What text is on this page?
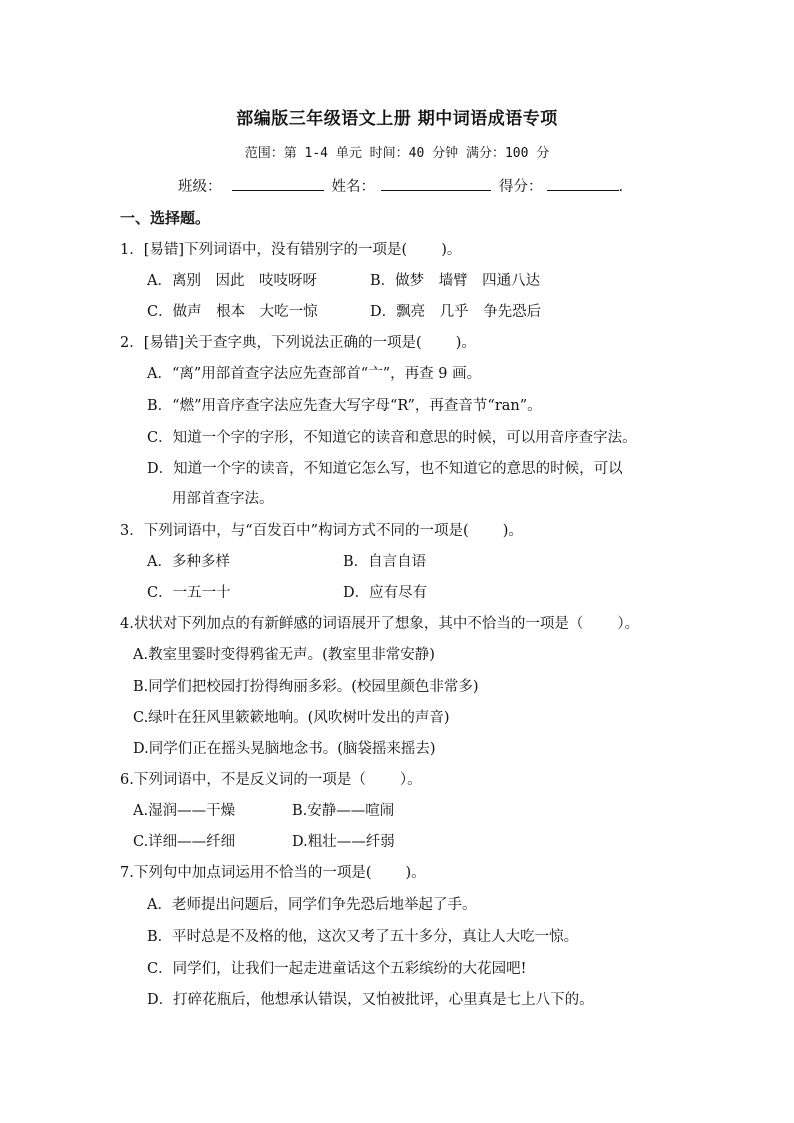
部编版三年级语文上册 期中词语成语专项
范围：第 1-4 单元 时间：40 分钟 满分：100 分
班级：	姓名：	得分：	.
一、选择题。
1．[易错]下列词语中，没有错别字的一项是( )。
A．离别　因此　吱吱呀呀	B．做梦　墙臂　四通八达
C．做声　根本　大吃一惊	D．飘亮　几乎　争先恐后
2．[易错]关于查字典，下列说法正确的一项是( )。
A．“离”用部首查字法应先查部首“亠”，再查 9 画。
B．“燃”用音序查字法应先查大写字母“R”，再查音节“ran”。
C．知道一个字的字形，不知道它的读音和意思的时候，可以用音序查字法。
D．知道一个字的读音，不知道它怎么写，也不知道它的意思的时候，可以
用部首查字法。
3．下列词语中，与“百发百中”构词方式不同的一项是( )。
A．多种多样	B．自言自语
C．一五一十	D．应有尽有
4.状状对下列加点的有新鲜感的词语展开了想象，其中不恰当的一项是（ ）。
A.教室里霎时变得鸦雀无声。(教室里非常安静)
B.同学们把校园打扮得绚丽多彩。(校园里颜色非常多)
C.绿叶在狂风里簌簌地响。(风吹树叶发出的声音)
D.同学们正在摇头晃脑地念书。(脑袋摇来摇去)
6.下列词语中，不是反义词的一项是（ ）。
A.湿润——干燥	B.安静——喧闹
C.详细——纤细	D.粗壮——纤弱
7.下列句中加点词运用不恰当的一项是( )。
A．老师提出问题后，同学们争先恐后地举起了手。
B．平时总是不及格的他，这次又考了五十多分，真让人大吃一惊。
C．同学们，让我们一起走进童话这个五彩缤纷的大花园吧!
D．打碎花瓶后，他想承认错误，又怕被批评，心里真是七上八下的。
